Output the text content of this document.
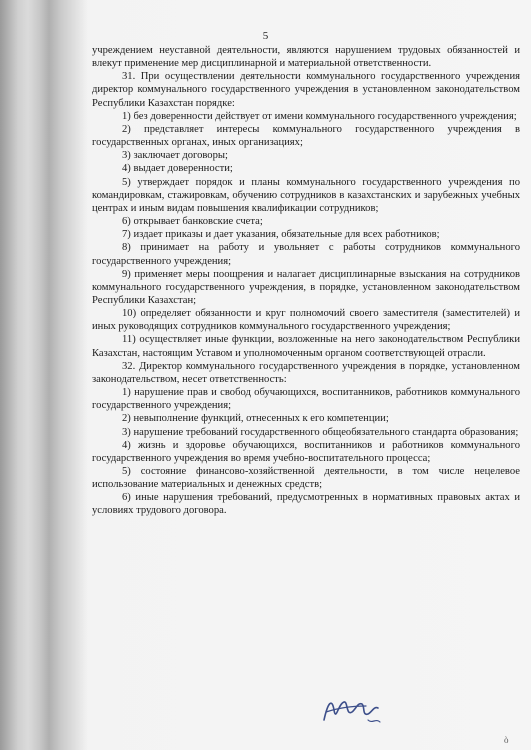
5

учреждением неуставной деятельности, являются нарушением трудовых обязанностей и влекут применение мер дисциплинарной и материальной ответственности.

31. При осуществлении деятельности коммунального государственного учреждения директор коммунального государственного учреждения в установленном законодательством Республики Казахстан порядке:

1) без доверенности действует от имени коммунального государственного учреждения;

2) представляет интересы коммунального государственного учреждения в государственных органах, иных организациях;

3) заключает договоры;

4) выдает доверенности;

5) утверждает порядок и планы коммунального государственного учреждения по командировкам, стажировкам, обучению сотрудников в казахстанских и зарубежных учебных центрах и иным видам повышения квалификации сотрудников;

6) открывает банковские счета;

7) издает приказы и дает указания, обязательные для всех работников;

8) принимает на работу и увольняет с работы сотрудников коммунального государственного учреждения;

9) применяет меры поощрения и налагает дисциплинарные взыскания на сотрудников коммунального государственного учреждения, в порядке, установленном законодательством Республики Казахстан;

10) определяет обязанности и круг полномочий своего заместителя (заместителей) и иных руководящих сотрудников коммунального государственного учреждения;

11) осуществляет иные функции, возложенные на него законодательством Республики Казахстан, настоящим Уставом и уполномоченным органом соответствующей отрасли.

32. Директор коммунального государственного учреждения в порядке, установленном законодательством, несет ответственность:

1) нарушение прав и свобод обучающихся, воспитанников, работников коммунального государственного учреждения;

2) невыполнение функций, отнесенных к его компетенции;

3) нарушение требований государственного общеобязательного стандарта образования;

4) жизнь и здоровье обучающихся, воспитанников и работников коммунального государственного учреждения во время учебно-воспитательного процесса;

5) состояние финансово-хозяйственной деятельности, в том числе нецелевое использование материальных и денежных средств;

6) иные нарушения требований, предусмотренных в нормативных правовых актах и условиях трудового договора.

ò
